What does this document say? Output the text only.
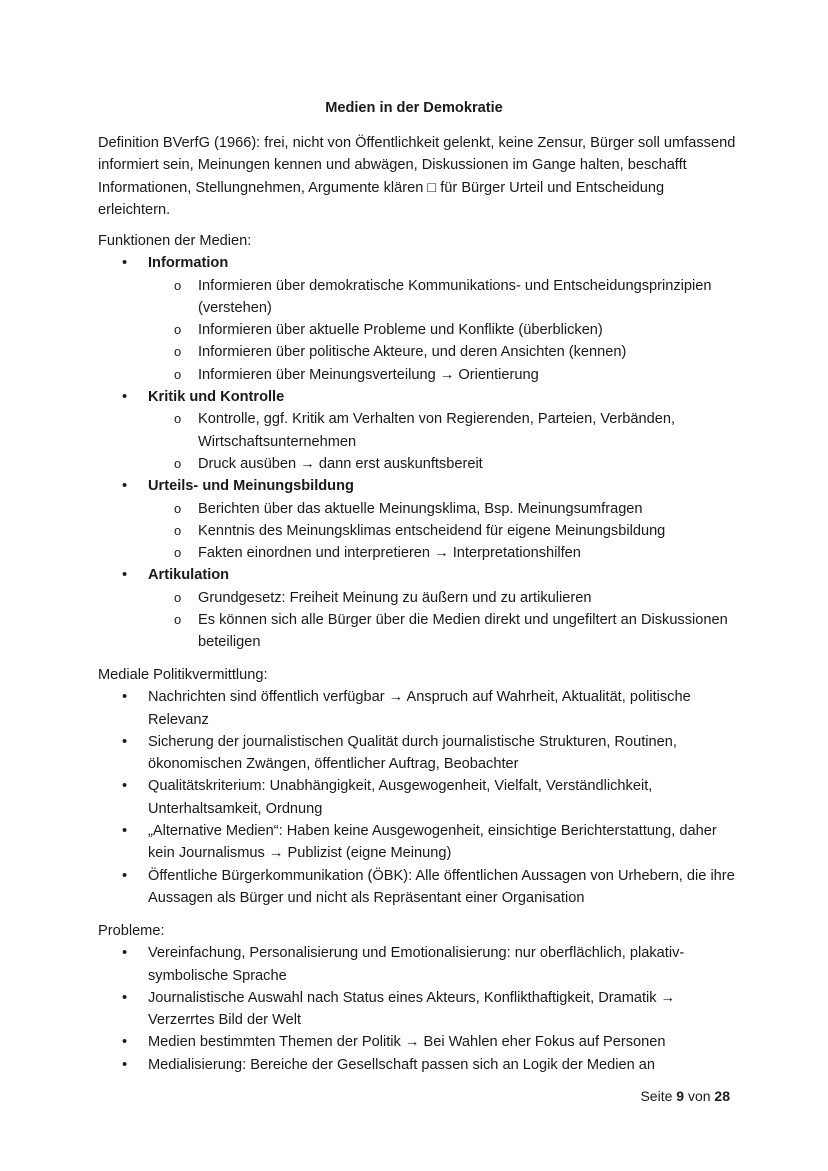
Medien in der Demokratie

Definition BVerfG (1966): frei, nicht von Öffentlichkeit gelenkt, keine Zensur, Bürger soll umfassend informiert sein, Meinungen kennen und abwägen, Diskussionen im Gange halten, beschafft Informationen, Stellungnehmen, Argumente klären □ für Bürger Urteil und Entscheidung erleichtern.

Funktionen der Medien:

• Information
o Informieren über demokratische Kommunikations- und Entscheidungsprinzipien (verstehen)
o Informieren über aktuelle Probleme und Konflikte (überblicken)
o Informieren über politische Akteure, und deren Ansichten (kennen)
o Informieren über Meinungsverteilung → Orientierung
• Kritik und Kontrolle
o Kontrolle, ggf. Kritik am Verhalten von Regierenden, Parteien, Verbänden, Wirtschaftsunternehmen
o Druck ausüben → dann erst auskunftsbereit
• Urteils- und Meinungsbildung
o Berichten über das aktuelle Meinungsklima, Bsp. Meinungsumfragen
o Kenntnis des Meinungsklimas entscheidend für eigene Meinungsbildung
o Fakten einordnen und interpretieren → Interpretationshilfen
• Artikulation
o Grundgesetz: Freiheit Meinung zu äußern und zu artikulieren
o Es können sich alle Bürger über die Medien direkt und ungefiltert an Diskussionen beteiligen

Mediale Politikvermittlung:

• Nachrichten sind öffentlich verfügbar → Anspruch auf Wahrheit, Aktualität, politische Relevanz
• Sicherung der journalistischen Qualität durch journalistische Strukturen, Routinen, ökonomischen Zwängen, öffentlicher Auftrag, Beobachter
• Qualitätskriterium: Unabhängigkeit, Ausgewogenheit, Vielfalt, Verständlichkeit, Unterhaltsamkeit, Ordnung
• „Alternative Medien“: Haben keine Ausgewogenheit, einsichtige Berichterstattung, daher kein Journalismus → Publizist (eigne Meinung)
• Öffentliche Bürgerkommunikation (ÖBK): Alle öffentlichen Aussagen von Urhebern, die ihre Aussagen als Bürger und nicht als Repräsentant einer Organisation

Probleme:

• Vereinfachung, Personalisierung und Emotionalisierung: nur oberflächlich, plakativ-symbolische Sprache
• Journalistische Auswahl nach Status eines Akteurs, Konflikthaftigkeit, Dramatik → Verzerrtes Bild der Welt
• Medien bestimmten Themen der Politik → Bei Wahlen eher Fokus auf Personen
• Medialisierung: Bereiche der Gesellschaft passen sich an Logik der Medien an

Seite 9 von 28
